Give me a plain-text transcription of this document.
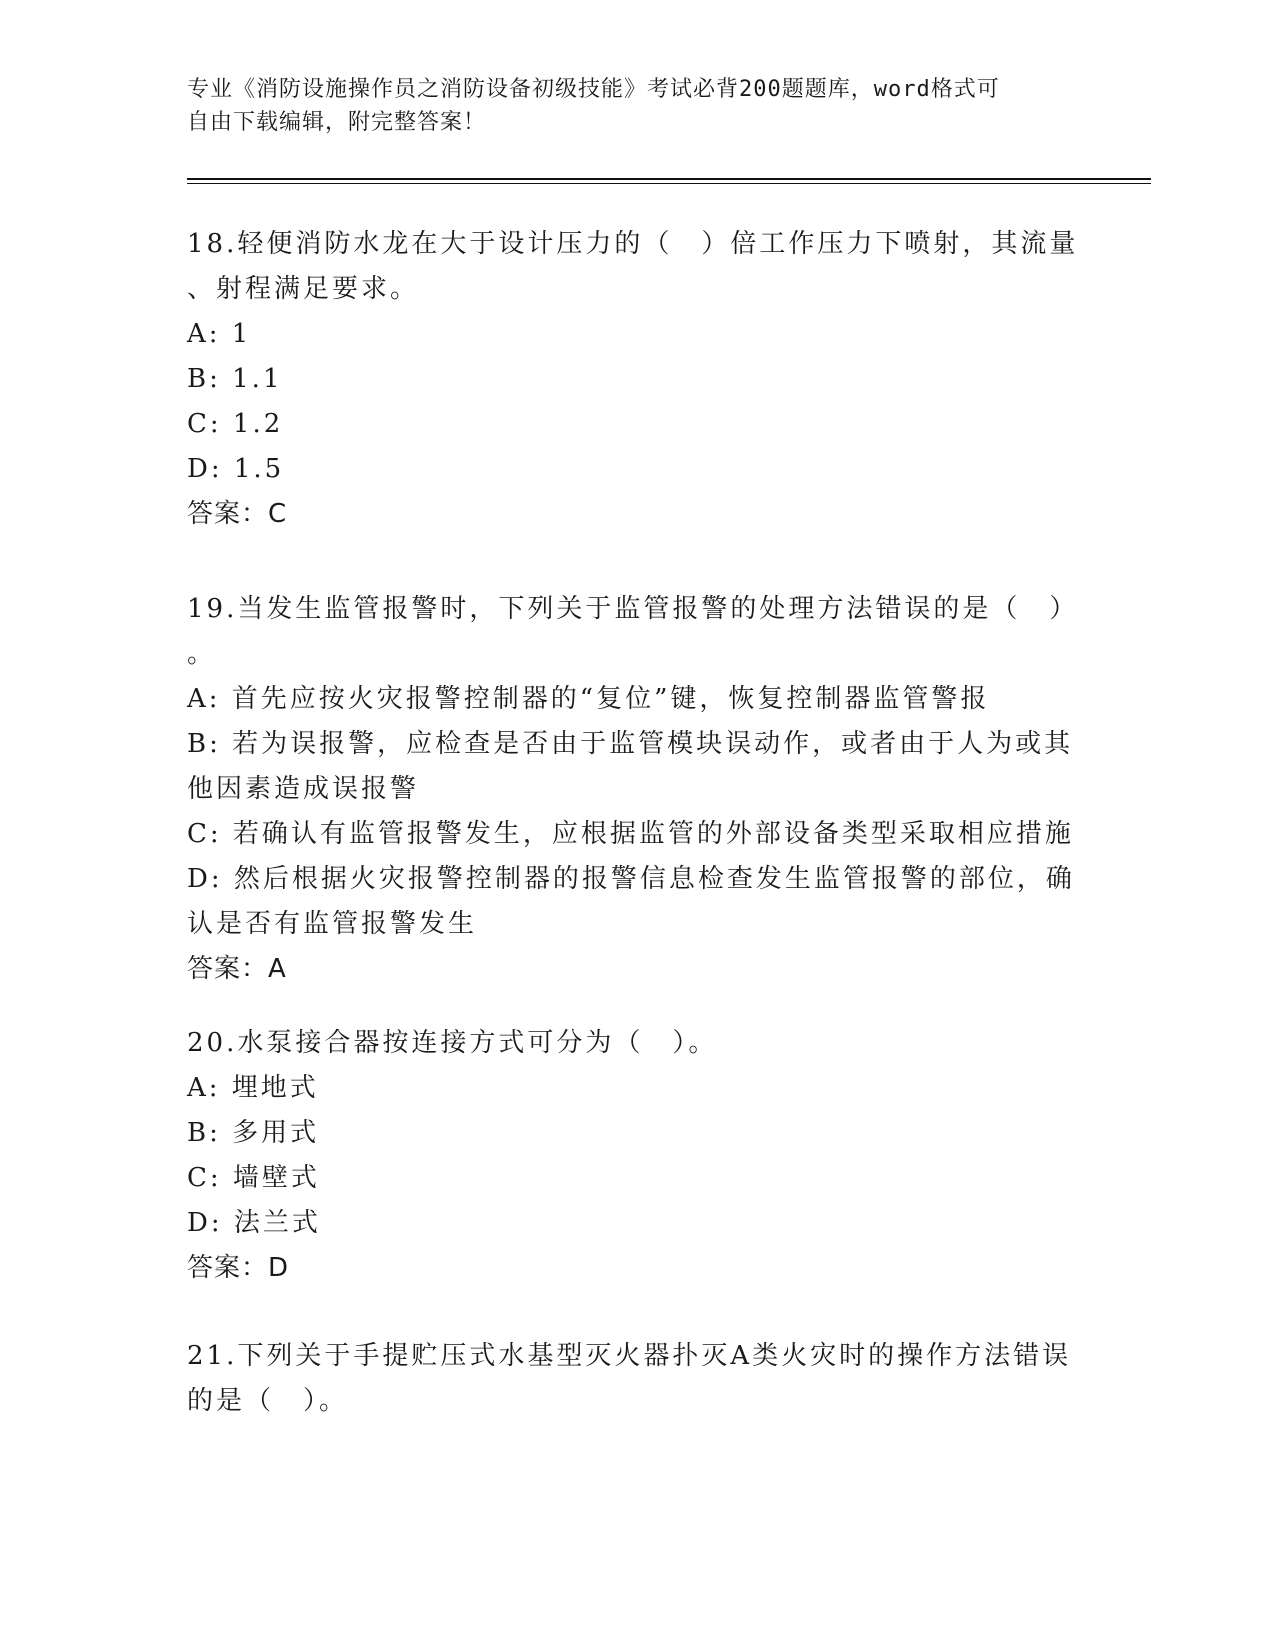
专业《消防设施操作员之消防设备初级技能》考试必背200题题库，word格式可
自由下载编辑，附完整答案！
18.轻便消防水龙在大于设计压力的（　）倍工作压力下喷射，其流量
、射程满足要求。
A: 1
B: 1.1
C: 1.2
D: 1.5
答案：C
19.当发生监管报警时，下列关于监管报警的处理方法错误的是（　）
。
A: 首先应按火灾报警控制器的“复位”键，恢复控制器监管警报
B: 若为误报警，应检查是否由于监管模块误动作，或者由于人为或其
他因素造成误报警
C: 若确认有监管报警发生，应根据监管的外部设备类型采取相应措施
D: 然后根据火灾报警控制器的报警信息检查发生监管报警的部位，确
认是否有监管报警发生
答案：A
20.水泵接合器按连接方式可分为（　）。
A: 埋地式
B: 多用式
C: 墙壁式
D: 法兰式
答案：D
21.下列关于手提贮压式水基型灭火器扑灭A类火灾时的操作方法错误
的是（　）。
